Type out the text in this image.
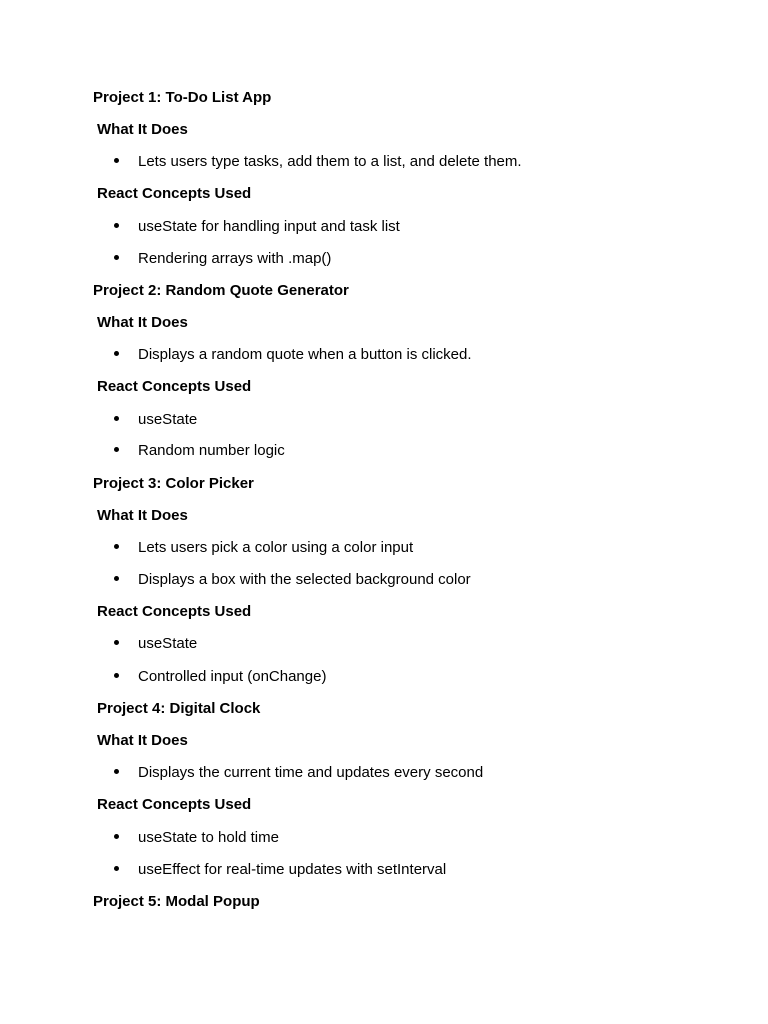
Project 1: To-Do List App
What It Does
Lets users type tasks, add them to a list, and delete them.
React Concepts Used
useState for handling input and task list
Rendering arrays with .map()
Project 2: Random Quote Generator
What It Does
Displays a random quote when a button is clicked.
React Concepts Used
useState
Random number logic
Project 3: Color Picker
What It Does
Lets users pick a color using a color input
Displays a box with the selected background color
React Concepts Used
useState
Controlled input (onChange)
Project 4: Digital Clock
What It Does
Displays the current time and updates every second
React Concepts Used
useState to hold time
useEffect for real-time updates with setInterval
Project 5: Modal Popup
